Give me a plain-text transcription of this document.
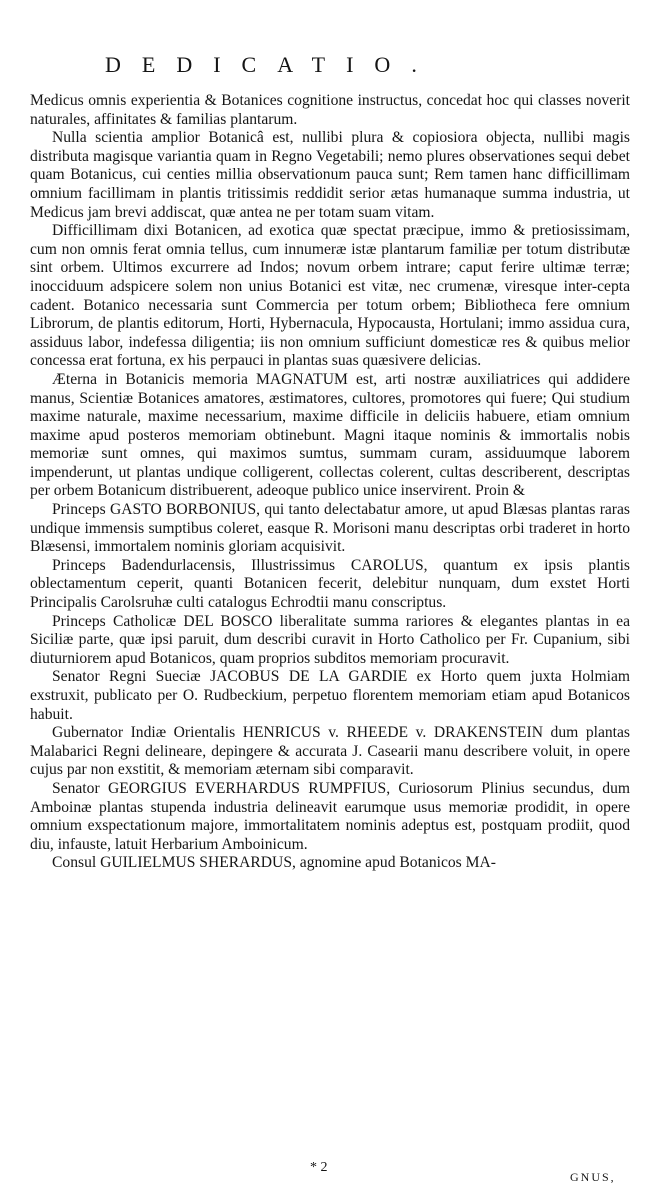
DEDICATIO.

Medicus omnis experientia & Botanices cognitione instructus, concedat hoc qui classes noverit naturales, affinitates & familias plantarum.

Nulla scientia amplior Botanicâ est, nullibi plura & copiosiora objecta, nullibi magis distributa magisque variantia quam in Regno Vegetabili; nemo plures observationes sequi debet quam Botanicus, cui centies millia observationum pauca sunt; Rem tamen hanc difficillimam omnium facillimam in plantis tritissimis reddidit serior ætas humanaque summa industria, ut Medicus jam brevi addiscat, quæ antea ne per totam suam vitam.

Difficillimam dixi Botanicen, ad exotica quæ spectat præcipue, immo & pretiosissimam, cum non omnis ferat omnia tellus, cum innumeræ istæ plantarum familiæ per totum distributæ sint orbem. Ultimos excurrere ad Indos; novum orbem intrare; caput ferire ultimæ terræ; inocciduum adspicere solem non unius Botanici est vitæ, nec crumenæ, viresque inter-cepta cadent. Botanico necessaria sunt Commercia per totum orbem; Bibliotheca fere omnium Librorum, de plantis editorum, Horti, Hybernacula, Hypocausta, Hortulani; immo assidua cura, assiduus labor, indefessa diligentia; iis non omnium sufficiunt domesticæ res & quibus melior concessa erat fortuna, ex his perpauci in plantas suas quæsivere delicias.

Æterna in Botanicis memoria MAGNATUM est, arti nostræ auxiliatrices qui addidere manus, Scientiæ Botanices amatores, æstimatores, cultores, promotores qui fuere; Qui studium maxime naturale, maxime necessarium, maxime difficile in deliciis habuere, etiam omnium maxime apud posteros memoriam obtinebunt. Magni itaque nominis & immortalis nobis memoriæ sunt omnes, qui maximos sumtus, summam curam, assiduumque laborem impenderunt, ut plantas undique colligerent, collectas colerent, cultas describerent, descriptas per orbem Botanicum distribuerent, adeoque publico unice inservirent. Proin &

Princeps GASTO BORBONIUS, qui tanto delectabatur amore, ut apud Blæsas plantas raras undique immensis sumptibus coleret, easque R. Morisoni manu descriptas orbi traderet in horto Blæsensi, immortalem nominis gloriam acquisivit.

Princeps Badendurlacensis, Illustrissimus CAROLUS, quantum ex ipsis plantis oblectamentum ceperit, quanti Botanicen fecerit, delebitur nunquam, dum exstet Horti Principalis Carolsruhæ culti catalogus Echrodtii manu conscriptus.

Princeps Catholicæ DEL BOSCO liberalitate summa rariores & elegantes plantas in ea Siciliæ parte, quæ ipsi paruit, dum describi curavit in Horto Catholico per Fr. Cupanium, sibi diuturniorem apud Botanicos, quam proprios subditos memoriam procuravit.

Senator Regni Sueciæ JACOBUS DE LA GARDIE ex Horto quem juxta Holmiam exstruxit, publicato per O. Rudbeckium, perpetuo florentem memoriam etiam apud Botanicos habuit.

Gubernator Indiæ Orientalis HENRICUS v. RHEEDE v. DRAKENSTEIN dum plantas Malabarici Regni delineare, depingere & accurata J. Casearii manu describere voluit, in opere cujus par non exstitit, & memoriam æternam sibi comparavit.

Senator GEORGIUS EVERHARDUS RUMPFIUS, Curiosorum Plinius secundus, dum Amboinæ plantas stupenda industria delineavit earumque usus memoriæ prodidit, in opere omnium exspectationum majore, immortalitatem nominis adeptus est, postquam prodiit, quod diu, infauste, latuit Herbarium Amboinicum.

Consul GUILIELMUS SHERARDUS, agnomine apud Botanicos MA-

* 2
GNUS,
